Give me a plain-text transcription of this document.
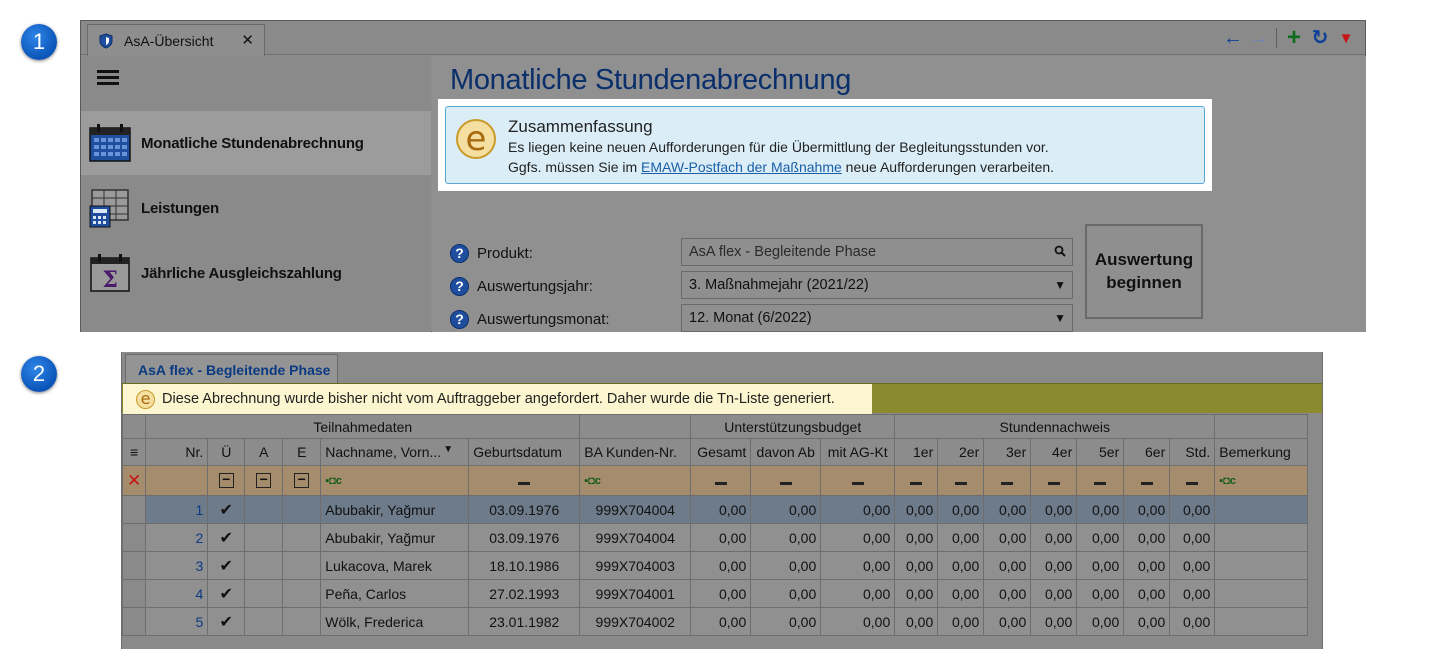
1
2
AsA-Übersicht ✕	← → + ↻ ▼
Monatliche Stundenabrechnung
Leistungen
Σ Jährliche Ausgleichszahlung
Monatliche Stundenabrechnung
e	Zusammenfassung
Es liegen keine neuen Aufforderungen für die Übermittlung der Begleitungsstunden vor.
Ggfs. müssen Sie im EMAW-Postfach der Maßnahme neue Aufforderungen verarbeiten.
? Produkt:
? Auswertungsjahr:
? Auswertungsmonat:
AsA flex - Begleitende Phase
3. Maßnahmejahr (2021/22)	▼
12. Monat (6/2022)	▼
Auswertung
beginnen
AsA flex - Begleitende Phase
e Diese Abrechnung wurde bisher nicht vom Auftraggeber angefordert. Daher wurde die Tn-Liste generiert.
	Teilnahmedaten							Unterstützungsbudget			Stundennachweis							
≡	Nr.	Ü	A	E	Nachname, Vorn... ▼	Geburtsdatum	BA Kunden-Nr.	Gesamt	davon Ab	mit AG-Kt	1er	2er	3er	4er	5er	6er	Std.	Bemerkung
✕		−	−	−	▪◘c		▪◘c											▪◘c
	1	✔			Abubakir, Yağmur	03.09.1976	999X704004	0,00	0,00	0,00	0,00	0,00	0,00	0,00	0,00	0,00	0,00	
	2	✔			Abubakir, Yağmur	03.09.1976	999X704004	0,00	0,00	0,00	0,00	0,00	0,00	0,00	0,00	0,00	0,00	
	3	✔			Lukacova, Marek	18.10.1986	999X704003	0,00	0,00	0,00	0,00	0,00	0,00	0,00	0,00	0,00	0,00	
	4	✔			Peña, Carlos	27.02.1993	999X704001	0,00	0,00	0,00	0,00	0,00	0,00	0,00	0,00	0,00	0,00	
	5	✔			Wölk, Frederica	23.01.1982	999X704002	0,00	0,00	0,00	0,00	0,00	0,00	0,00	0,00	0,00	0,00	
